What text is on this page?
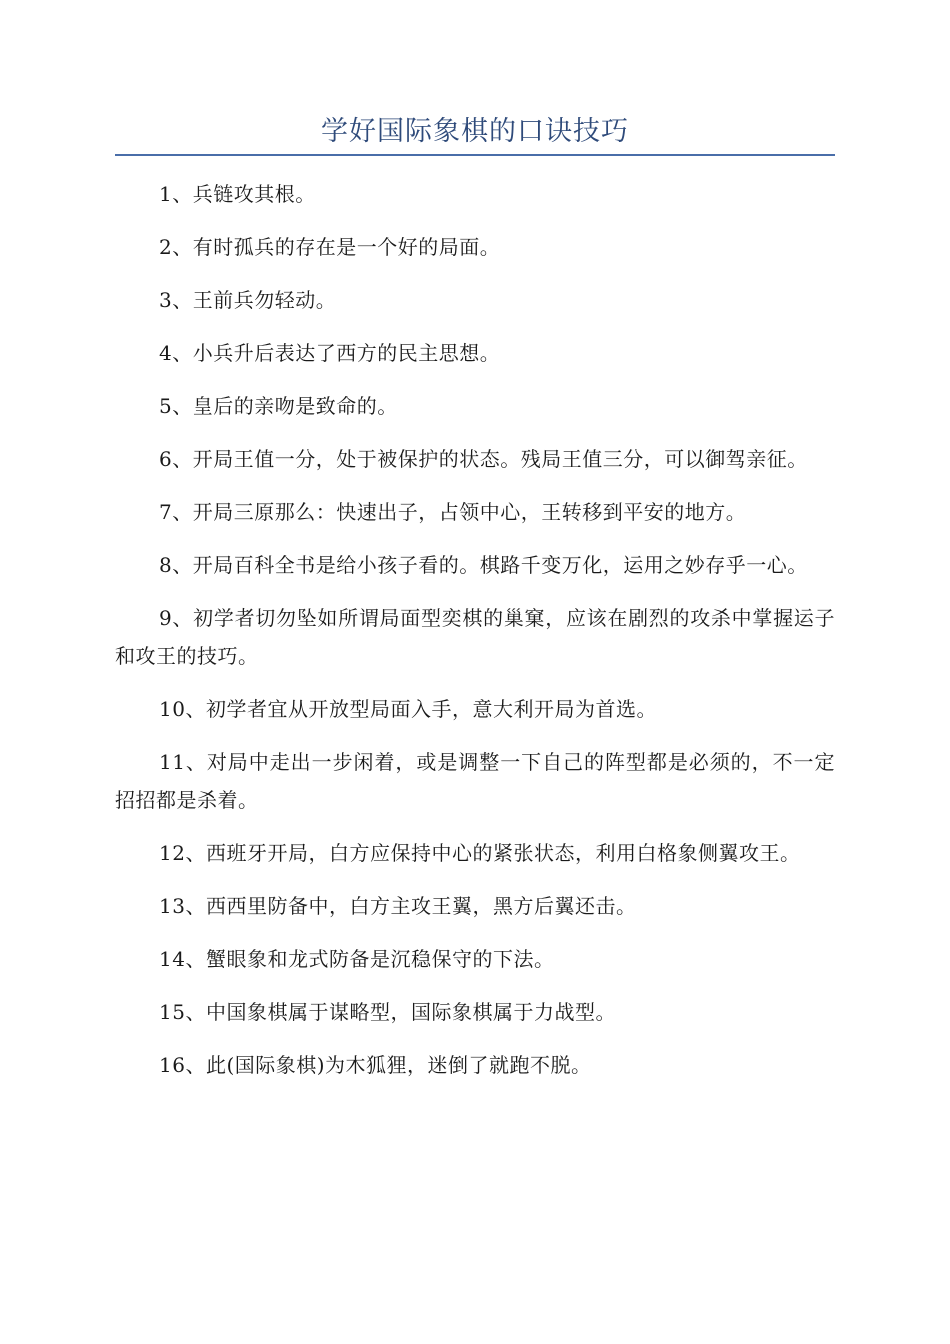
学好国际象棋的口诀技巧

1、兵链攻其根。

2、有时孤兵的存在是一个好的局面。

3、王前兵勿轻动。

4、小兵升后表达了西方的民主思想。

5、皇后的亲吻是致命的。

6、开局王值一分，处于被保护的状态。残局王值三分，可以御驾亲征。

7、开局三原那么：快速出子，占领中心，王转移到平安的地方。

8、开局百科全书是给小孩子看的。棋路千变万化，运用之妙存乎一心。

9、初学者切勿坠如所谓局面型奕棋的巢窠，应该在剧烈的攻杀中掌握运子和攻王的技巧。

10、初学者宜从开放型局面入手，意大利开局为首选。

11、对局中走出一步闲着，或是调整一下自己的阵型都是必须的，不一定招招都是杀着。

12、西班牙开局，白方应保持中心的紧张状态，利用白格象侧翼攻王。

13、西西里防备中，白方主攻王翼，黑方后翼还击。

14、蟹眼象和龙式防备是沉稳保守的下法。

15、中国象棋属于谋略型，国际象棋属于力战型。

16、此(国际象棋)为木狐狸，迷倒了就跑不脱。
